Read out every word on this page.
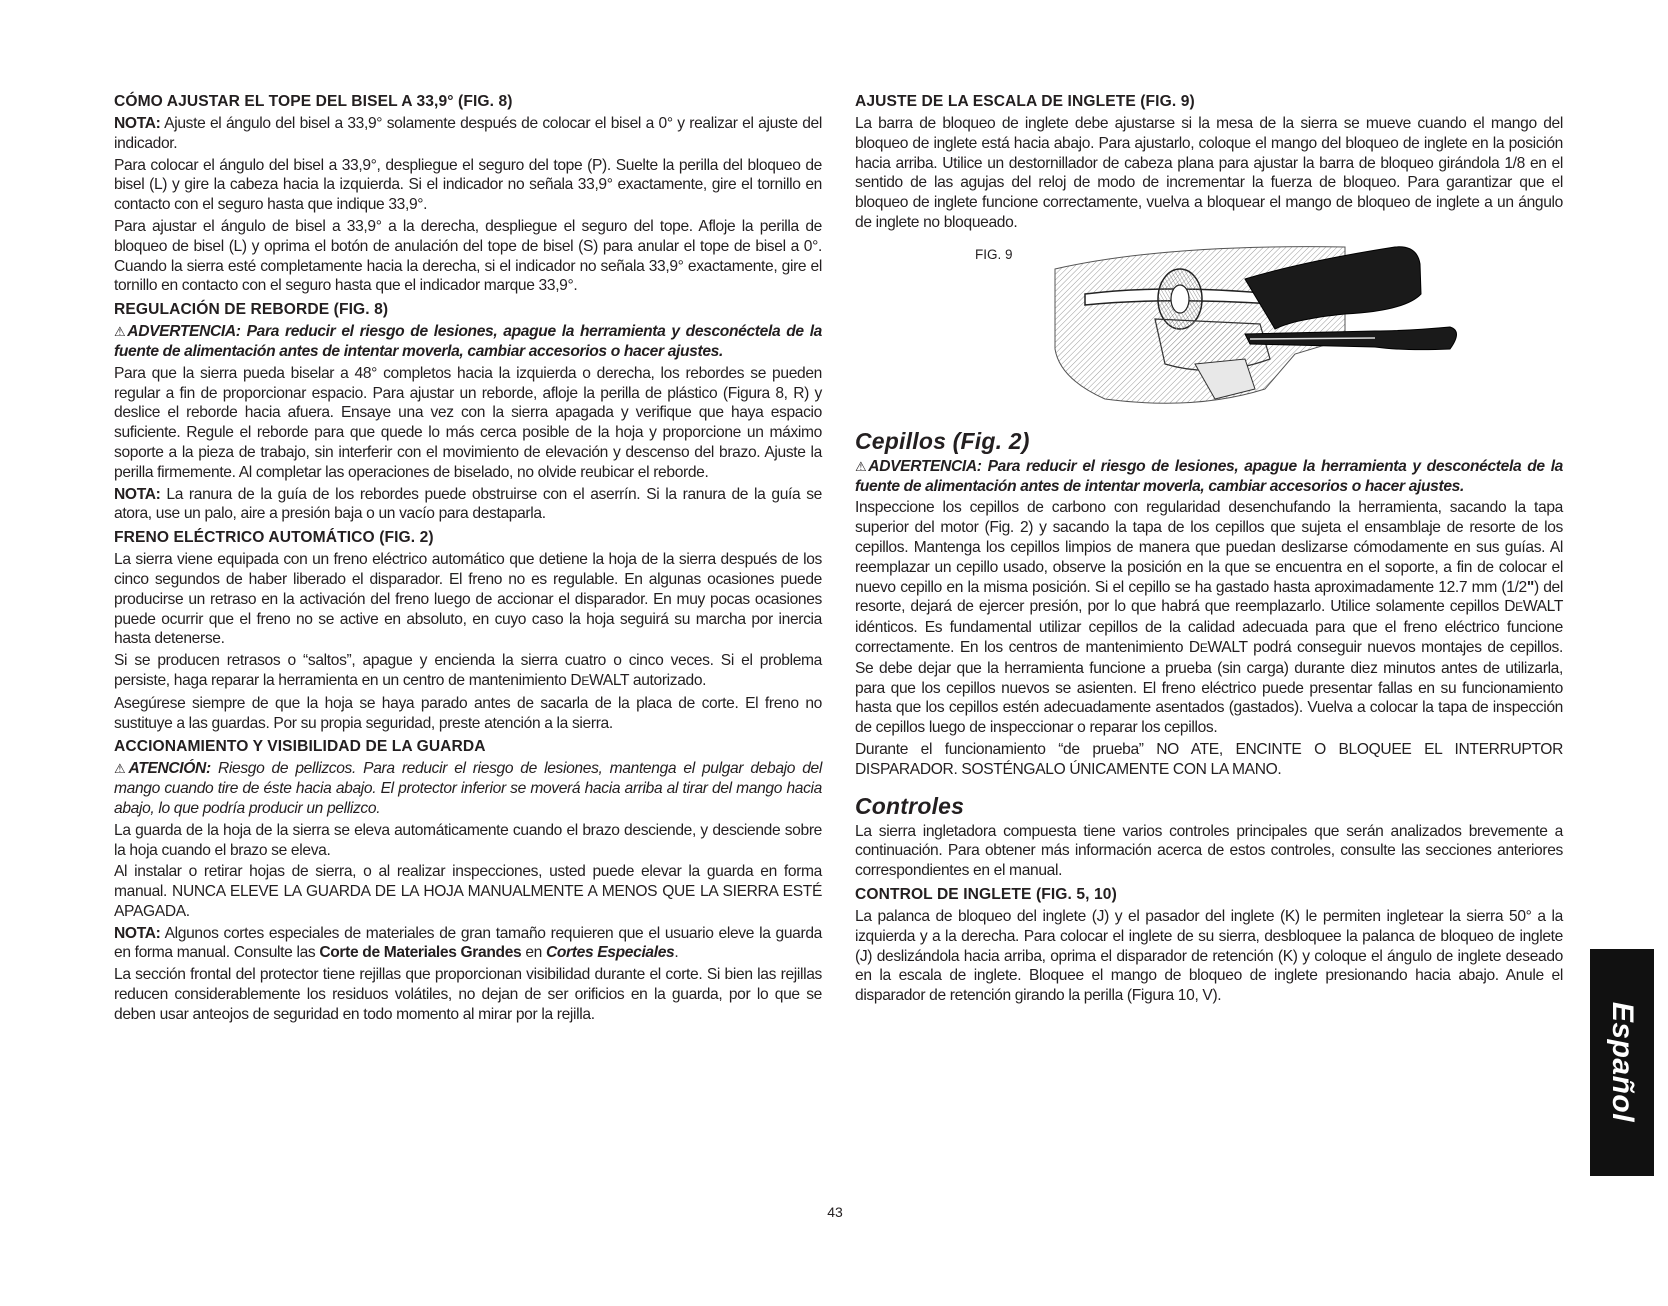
CÓMO AJUSTAR EL TOPE DEL BISEL A 33,9° (FIG. 8)

NOTA: Ajuste el ángulo del bisel a 33,9° solamente después de colocar el bisel a 0° y realizar el ajuste del indicador.

Para colocar el ángulo del bisel a 33,9°, despliegue el seguro del tope (P). Suelte la perilla del bloqueo de bisel (L) y gire la cabeza hacia la izquierda. Si el indicador no señala 33,9° exactamente, gire el tornillo en contacto con el seguro hasta que indique 33,9°.

Para ajustar el ángulo de bisel a 33,9° a la derecha, despliegue el seguro del tope. Afloje la perilla de bloqueo de bisel (L) y oprima el botón de anulación del tope de bisel (S) para anular el tope de bisel a 0°. Cuando la sierra esté completamente hacia la derecha, si el indicador no señala 33,9° exactamente, gire el tornillo en contacto con el seguro hasta que el indicador marque 33,9°.

REGULACIÓN DE REBORDE (FIG. 8)

⚠ADVERTENCIA: Para reducir el riesgo de lesiones, apague la herramienta y desconéctela de la fuente de alimentación antes de intentar moverla, cambiar accesorios o hacer ajustes.

Para que la sierra pueda biselar a 48° completos hacia la izquierda o derecha, los rebordes se pueden regular a fin de proporcionar espacio. Para ajustar un reborde, afloje la perilla de plástico (Figura 8, R) y deslice el reborde hacia afuera. Ensaye una vez con la sierra apagada y verifique que haya espacio suficiente. Regule el reborde para que quede lo más cerca posible de la hoja y proporcione un máximo soporte a la pieza de trabajo, sin interferir con el movimiento de elevación y descenso del brazo. Ajuste la perilla firmemente. Al completar las operaciones de biselado, no olvide reubicar el reborde.

NOTA: La ranura de la guía de los rebordes puede obstruirse con el aserrín. Si la ranura de la guía se atora, use un palo, aire a presión baja o un vacío para destaparla.

FRENO ELÉCTRICO AUTOMÁTICO (FIG. 2)

La sierra viene equipada con un freno eléctrico automático que detiene la hoja de la sierra después de los cinco segundos de haber liberado el disparador. El freno no es regulable. En algunas ocasiones puede producirse un retraso en la activación del freno luego de accionar el disparador. En muy pocas ocasiones puede ocurrir que el freno no se active en absoluto, en cuyo caso la hoja seguirá su marcha por inercia hasta detenerse.

Si se producen retrasos o “saltos”, apague y encienda la sierra cuatro o cinco veces. Si el problema persiste, haga reparar la herramienta en un centro de mantenimiento DEWALT autorizado.

Asegúrese siempre de que la hoja se haya parado antes de sacarla de la placa de corte. El freno no sustituye a las guardas. Por su propia seguridad, preste atención a la sierra.

ACCIONAMIENTO Y VISIBILIDAD DE LA GUARDA

⚠ATENCIÓN: Riesgo de pellizcos. Para reducir el riesgo de lesiones, mantenga el pulgar debajo del mango cuando tire de éste hacia abajo. El protector inferior se moverá hacia arriba al tirar del mango hacia abajo, lo que podría producir un pellizco.

La guarda de la hoja de la sierra se eleva automáticamente cuando el brazo desciende, y desciende sobre la hoja cuando el brazo se eleva.

Al instalar o retirar hojas de sierra, o al realizar inspecciones, usted puede elevar la guarda en forma manual. NUNCA ELEVE LA GUARDA DE LA HOJA MANUALMENTE A MENOS QUE LA SIERRA ESTÉ APAGADA.

NOTA: Algunos cortes especiales de materiales de gran tamaño requieren que el usuario eleve la guarda en forma manual. Consulte las Corte de Materiales Grandes en Cortes Especiales.

La sección frontal del protector tiene rejillas que proporcionan visibilidad durante el corte. Si bien las rejillas reducen considerablemente los residuos volátiles, no dejan de ser orificios en la guarda, por lo que se deben usar anteojos de seguridad en todo momento al mirar por la rejilla.

AJUSTE DE LA ESCALA DE INGLETE (FIG. 9)

La barra de bloqueo de inglete debe ajustarse si la mesa de la sierra se mueve cuando el mango del bloqueo de inglete está hacia abajo. Para ajustarlo, coloque el mango del bloqueo de inglete en la posición hacia arriba. Utilice un destornillador de cabeza plana para ajustar la barra de bloqueo girándola 1/8 en el sentido de las agujas del reloj de modo de incrementar la fuerza de bloqueo. Para garantizar que el bloqueo de inglete funcione correctamente, vuelva a bloquear el mango de bloqueo de inglete a un ángulo de inglete no bloqueado.

FIG. 9
Cepillos (Fig. 2)

⚠ADVERTENCIA: Para reducir el riesgo de lesiones, apague la herramienta y desconéctela de la fuente de alimentación antes de intentar moverla, cambiar accesorios o hacer ajustes.

Inspeccione los cepillos de carbono con regularidad desenchufando la herramienta, sacando la tapa superior del motor (Fig. 2) y sacando la tapa de los cepillos que sujeta el ensamblaje de resorte de los cepillos. Mantenga los cepillos limpios de manera que puedan deslizarse cómodamente en sus guías. Al reemplazar un cepillo usado, observe la posición en la que se encuentra en el soporte, a fin de colocar el nuevo cepillo en la misma posición. Si el cepillo se ha gastado hasta aproximadamente 12.7 mm (1/2") del resorte, dejará de ejercer presión, por lo que habrá que reemplazarlo. Utilice solamente cepillos DEWALT idénticos. Es fundamental utilizar cepillos de la calidad adecuada para que el freno eléctrico funcione correctamente. En los centros de mantenimiento DEWALT podrá conseguir nuevos montajes de cepillos. Se debe dejar que la herramienta funcione a prueba (sin carga) durante diez minutos antes de utilizarla, para que los cepillos nuevos se asienten. El freno eléctrico puede presentar fallas en su funcionamiento hasta que los cepillos estén adecuadamente asentados (gastados). Vuelva a colocar la tapa de inspección de cepillos luego de inspeccionar o reparar los cepillos.

Durante el funcionamiento “de prueba” NO ATE, ENCINTE O BLOQUEE EL INTERRUPTOR DISPARADOR. SOSTÉNGALO ÚNICAMENTE CON LA MANO.

Controles

La sierra ingletadora compuesta tiene varios controles principales que serán analizados brevemente a continuación. Para obtener más información acerca de estos controles, consulte las secciones anteriores correspondientes en el manual.

CONTROL DE INGLETE (FIG. 5, 10)

La palanca de bloqueo del inglete (J) y el pasador del inglete (K) le permiten ingletear la sierra 50° a la izquierda y a la derecha. Para colocar el inglete de su sierra, desbloquee la palanca de bloqueo de inglete (J) deslizándola hacia arriba, oprima el disparador de retención (K) y coloque el ángulo de inglete deseado en la escala de inglete. Bloquee el mango de bloqueo de inglete presionando hacia abajo. Anule el disparador de retención girando la perilla (Figura 10, V).

43
Español
